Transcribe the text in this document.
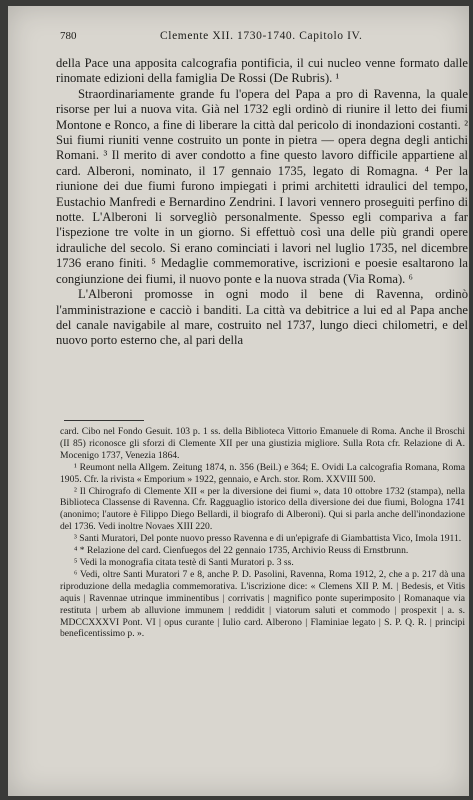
780	Clemente XII. 1730-1740. Capitolo IV.

della Pace una apposita calcografia pontificia, il cui nucleo venne formato dalle rinomate edizioni della famiglia De Rossi (De Rubris). ¹

Straordinariamente grande fu l'opera del Papa a pro di Ravenna, la quale risorse per lui a nuova vita. Già nel 1732 egli ordinò di riunire il letto dei fiumi Montone e Ronco, a fine di liberare la città dal pericolo di inondazioni costanti. ² Sui fiumi riuniti venne costruito un ponte in pietra — opera degna degli antichi Romani. ³ Il merito di aver condotto a fine questo lavoro difficile appartiene al card. Alberoni, nominato, il 17 gennaio 1735, legato di Romagna. ⁴ Per la riunione dei due fiumi furono impiegati i primi architetti idraulici del tempo, Eustachio Manfredi e Bernardino Zendrini. I lavori vennero proseguiti perfino di notte. L'Alberoni li sorvegliò personalmente. Spesso egli compariva a far l'ispezione tre volte in un giorno. Si effettuò così una delle più grandi opere idrauliche del secolo. Si erano cominciati i lavori nel luglio 1735, nel dicembre 1736 erano finiti. ⁵ Medaglie commemorative, iscrizioni e poesie esaltarono la congiunzione dei fiumi, il nuovo ponte e la nuova strada (Via Roma). ⁶

L'Alberoni promosse in ogni modo il bene di Ravenna, ordinò l'amministrazione e cacciò i banditi. La città va debitrice a lui ed al Papa anche del canale navigabile al mare, costruito nel 1737, lungo dieci chilometri, e del nuovo porto esterno che, al pari della

card. Cibo nel Fondo Gesuit. 103 p. 1 ss. della Biblioteca Vittorio Emanuele di Roma. Anche il Broschi (II 85) riconosce gli sforzi di Clemente XII per una giustizia migliore. Sulla Rota cfr. Relazione di A. Mocenigo 1737, Venezia 1864.

¹ Reumont nella Allgem. Zeitung 1874, n. 356 (Beil.) e 364; E. Ovidi La calcografia Romana, Roma 1905. Cfr. la rivista « Emporium » 1922, gennaio, e Arch. stor. Rom. XXVIII 500.

² Il Chirografo di Clemente XII « per la diversione dei fiumi », data 10 ottobre 1732 (stampa), nella Biblioteca Classense di Ravenna. Cfr. Ragguaglio istorico della diversione dei due fiumi, Bologna 1741 (anonimo; l'autore è Filippo Diego Bellardi, il biografo di Alberoni). Qui si parla anche dell'inondazione del 1736. Vedi inoltre Novaes XIII 220.

³ Santi Muratori, Del ponte nuovo presso Ravenna e di un'epigrafe di Giambattista Vico, Imola 1911.

⁴ * Relazione del card. Cienfuegos del 22 gennaio 1735, Archivio Reuss di Ernstbrunn.

⁵ Vedi la monografia citata testè di Santi Muratori p. 3 ss.

⁶ Vedi, oltre Santi Muratori 7 e 8, anche P. D. Pasolini, Ravenna, Roma 1912, 2, che a p. 217 dà una riproduzione della medaglia commemorativa. L'iscrizione dice: « Clemens XII P. M. | Bedesis, et Vitis aquis | Ravennae utrinque imminentibus | corrivatis | magnifico ponte superimposito | Romanaque via restituta | urbem ab alluvione immunem | reddidit | viatorum saluti et commodo | prospexit | a. s. MDCCXXXVI Pont. VI | opus curante | Iulio card. Alberono | Flaminiae legato | S. P. Q. R. | principi beneficentissimo p. ».
